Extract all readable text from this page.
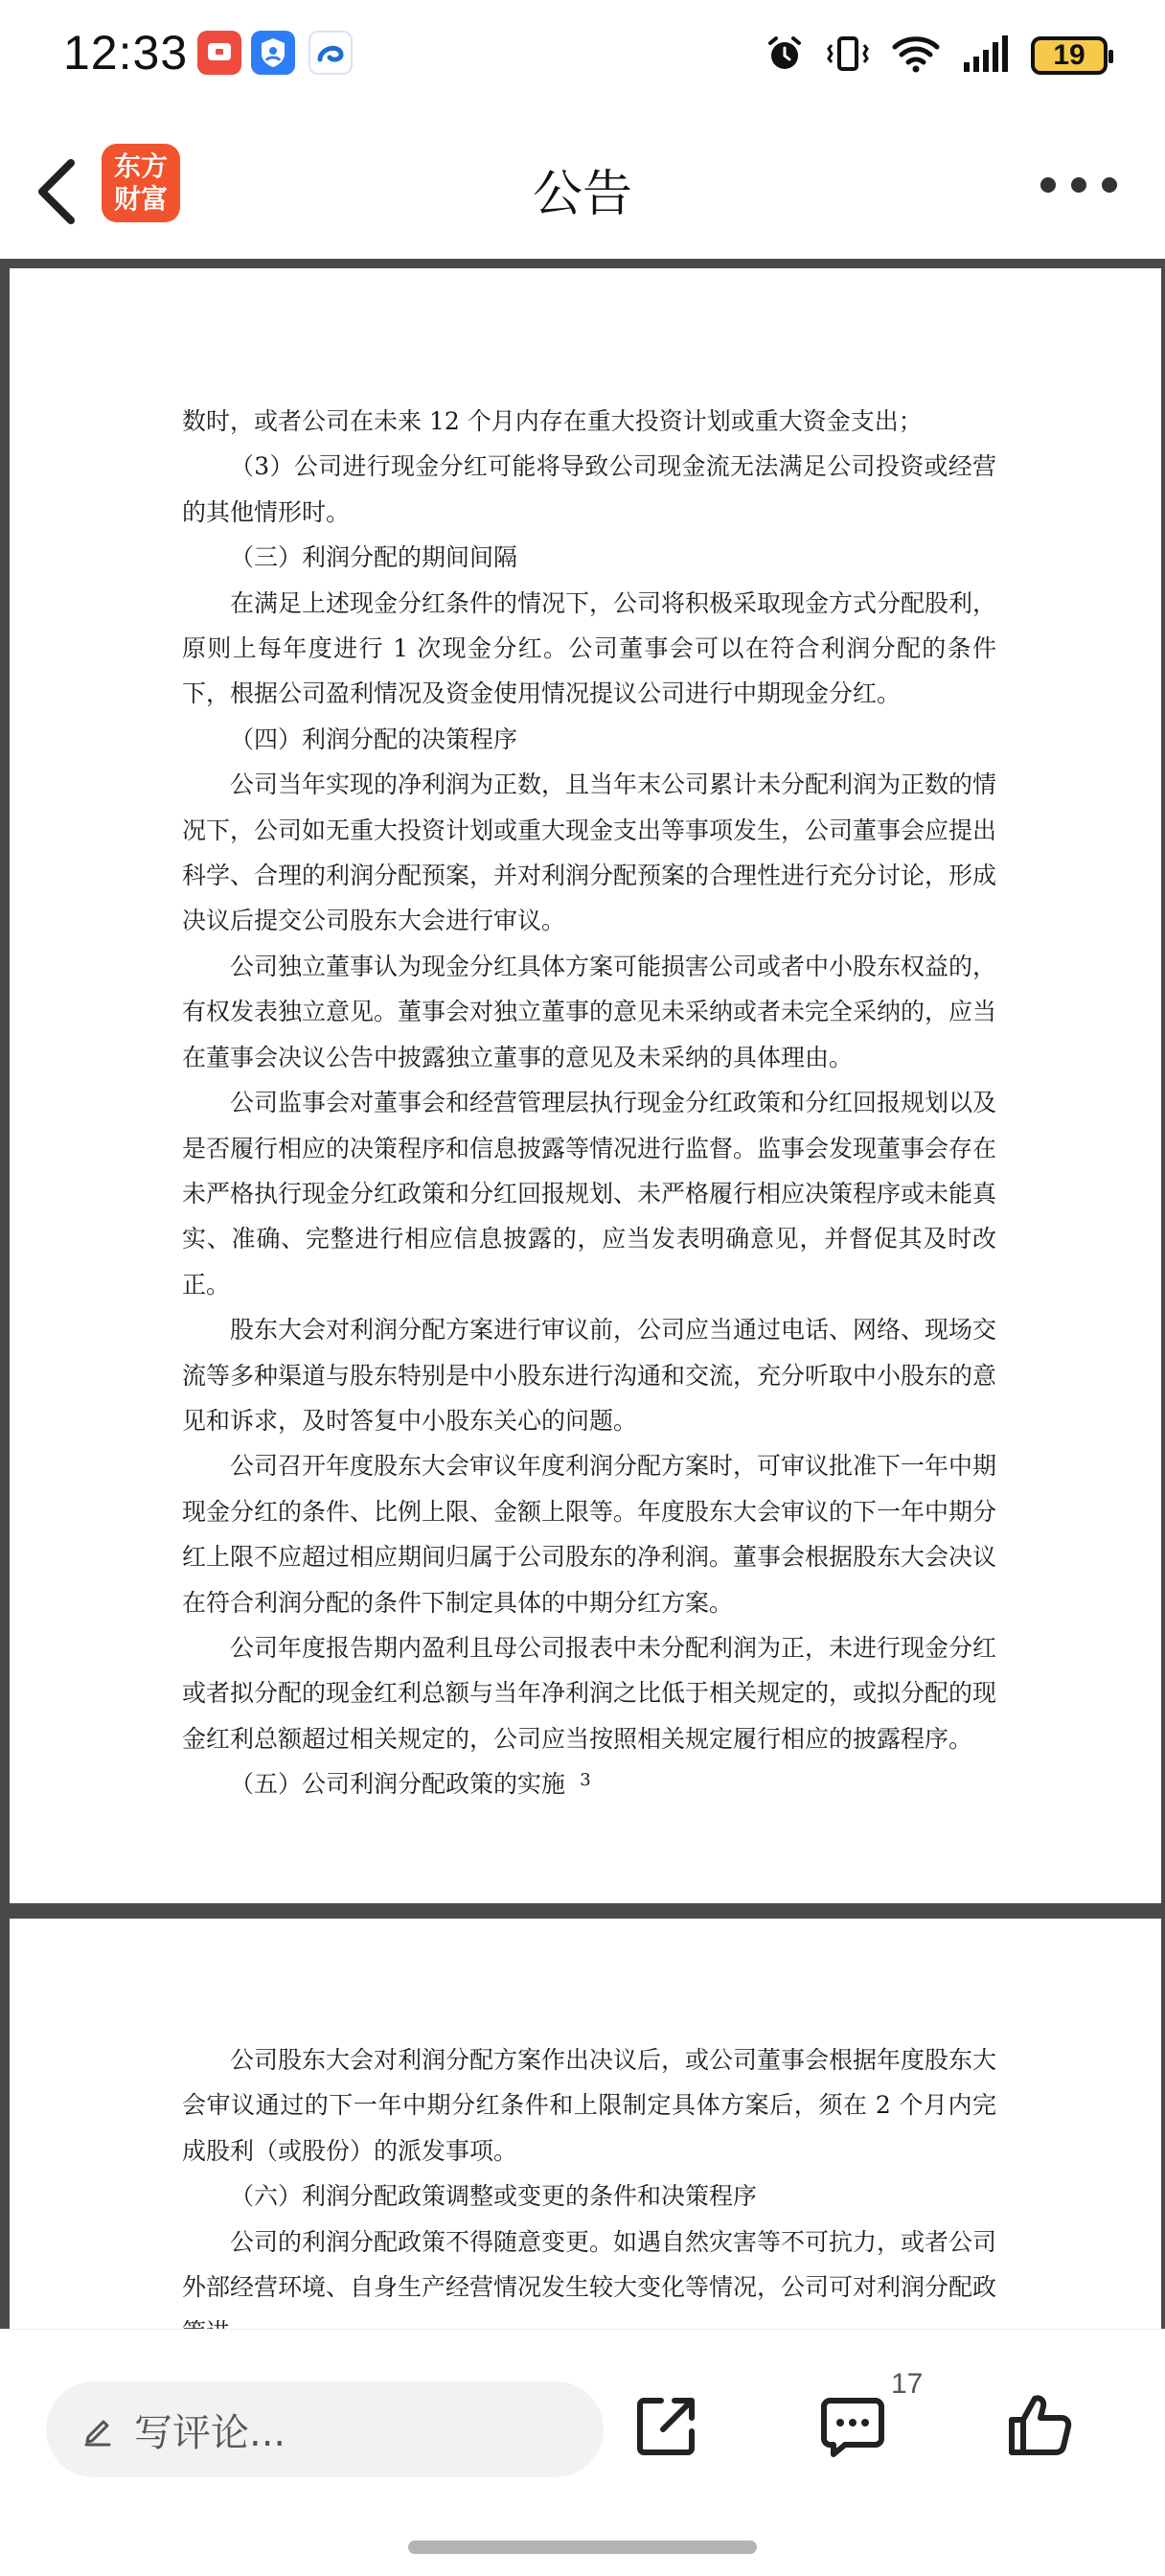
12:33	19
东方
财富	公告

数时，或者公司在未来 12 个月内存在重大投资计划或重大资金支出；

（3）公司进行现金分红可能将导致公司现金流无法满足公司投资或经营的其他情形时。

（三）利润分配的期间间隔

在满足上述现金分红条件的情况下，公司将积极采取现金方式分配股利，原则上每年度进行 1 次现金分红。公司董事会可以在符合利润分配的条件下，根据公司盈利情况及资金使用情况提议公司进行中期现金分红。

（四）利润分配的决策程序

公司当年实现的净利润为正数，且当年末公司累计未分配利润为正数的情况下，公司如无重大投资计划或重大现金支出等事项发生，公司董事会应提出科学、合理的利润分配预案，并对利润分配预案的合理性进行充分讨论，形成决议后提交公司股东大会进行审议。

公司独立董事认为现金分红具体方案可能损害公司或者中小股东权益的，有权发表独立意见。董事会对独立董事的意见未采纳或者未完全采纳的，应当在董事会决议公告中披露独立董事的意见及未采纳的具体理由。

公司监事会对董事会和经营管理层执行现金分红政策和分红回报规划以及是否履行相应的决策程序和信息披露等情况进行监督。监事会发现董事会存在未严格执行现金分红政策和分红回报规划、未严格履行相应决策程序或未能真实、准确、完整进行相应信息披露的，应当发表明确意见，并督促其及时改正。

股东大会对利润分配方案进行审议前，公司应当通过电话、网络、现场交流等多种渠道与股东特别是中小股东进行沟通和交流，充分听取中小股东的意见和诉求，及时答复中小股东关心的问题。

公司召开年度股东大会审议年度利润分配方案时，可审议批准下一年中期现金分红的条件、比例上限、金额上限等。年度股东大会审议的下一年中期分红上限不应超过相应期间归属于公司股东的净利润。董事会根据股东大会决议在符合利润分配的条件下制定具体的中期分红方案。

公司年度报告期内盈利且母公司报表中未分配利润为正，未进行现金分红或者拟分配的现金红利总额与当年净利润之比低于相关规定的，或拟分配的现金红利总额超过相关规定的，公司应当按照相关规定履行相应的披露程序。

（五）公司利润分配政策的实施 3

公司股东大会对利润分配方案作出决议后，或公司董事会根据年度股东大会审议通过的下一年中期分红条件和上限制定具体方案后，须在 2 个月内完成股利（或股份）的派发事项。

（六）利润分配政策调整或变更的条件和决策程序

公司的利润分配政策不得随意变更。如遇自然灾害等不可抗力，或者公司外部经营环境、自身生产经营情况发生较大变化等情况，公司可对利润分配政

写评论...
17
